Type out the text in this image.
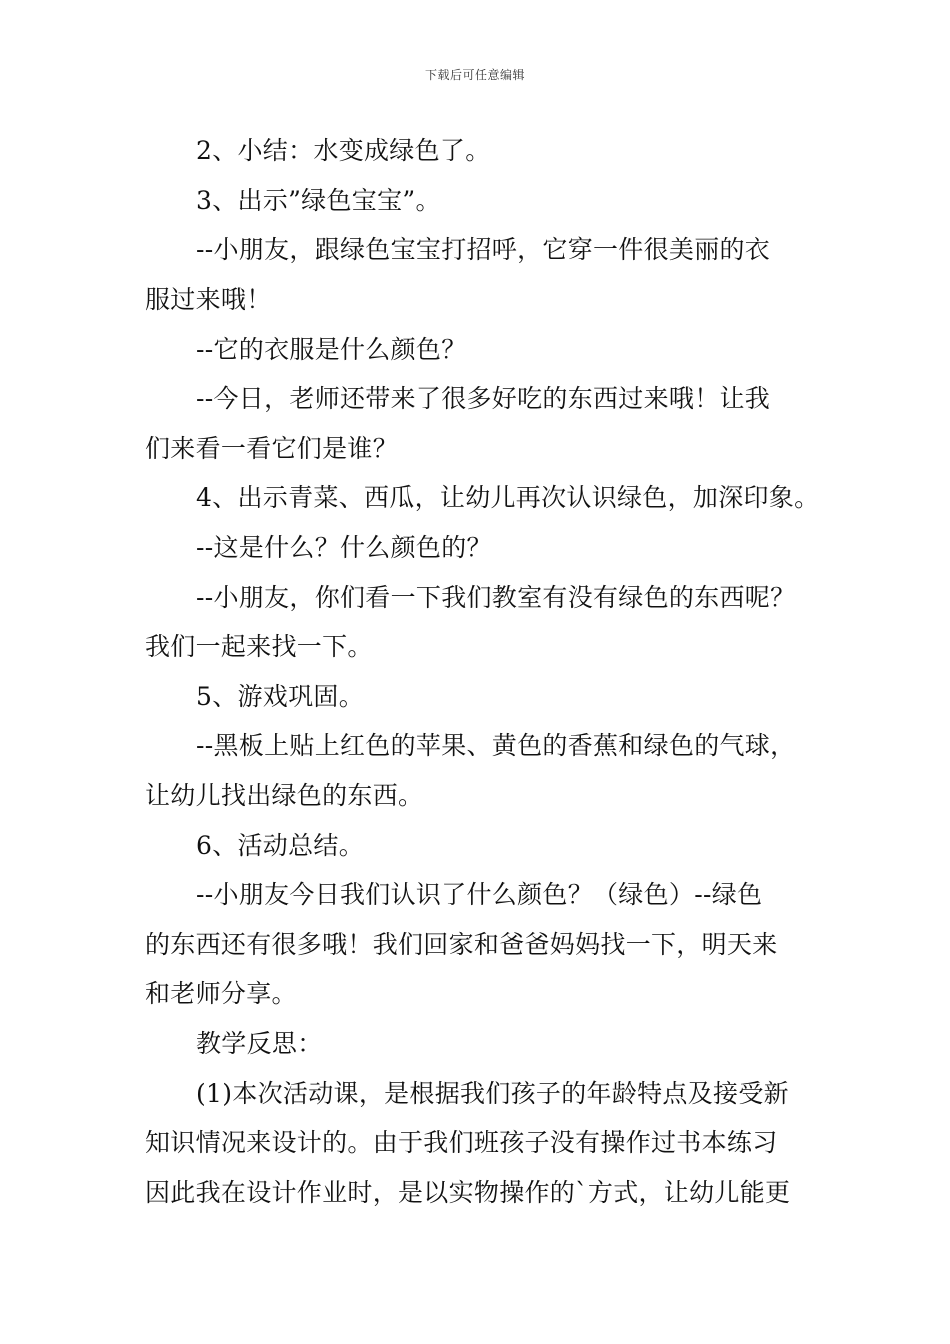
下载后可任意编辑
2、小结：水变成绿色了。
3、出示”绿色宝宝”。
--小朋友，跟绿色宝宝打招呼，它穿一件很美丽的衣
服过来哦！
--它的衣服是什么颜色？
--今日，老师还带来了很多好吃的东西过来哦！让我
们来看一看它们是谁？
4、出示青菜、西瓜，让幼儿再次认识绿色，加深印象。
--这是什么？什么颜色的？
--小朋友，你们看一下我们教室有没有绿色的东西呢？
我们一起来找一下。
5、游戏巩固。
--黑板上贴上红色的苹果、黄色的香蕉和绿色的气球，
让幼儿找出绿色的东西。
6、活动总结。
--小朋友今日我们认识了什么颜色？（绿色）--绿色
的东西还有很多哦！我们回家和爸爸妈妈找一下，明天来
和老师分享。
教学反思：
(1)本次活动课，是根据我们孩子的年龄特点及接受新
知识情况来设计的。由于我们班孩子没有操作过书本练习
因此我在设计作业时，是以实物操作的`方式，让幼儿能更
